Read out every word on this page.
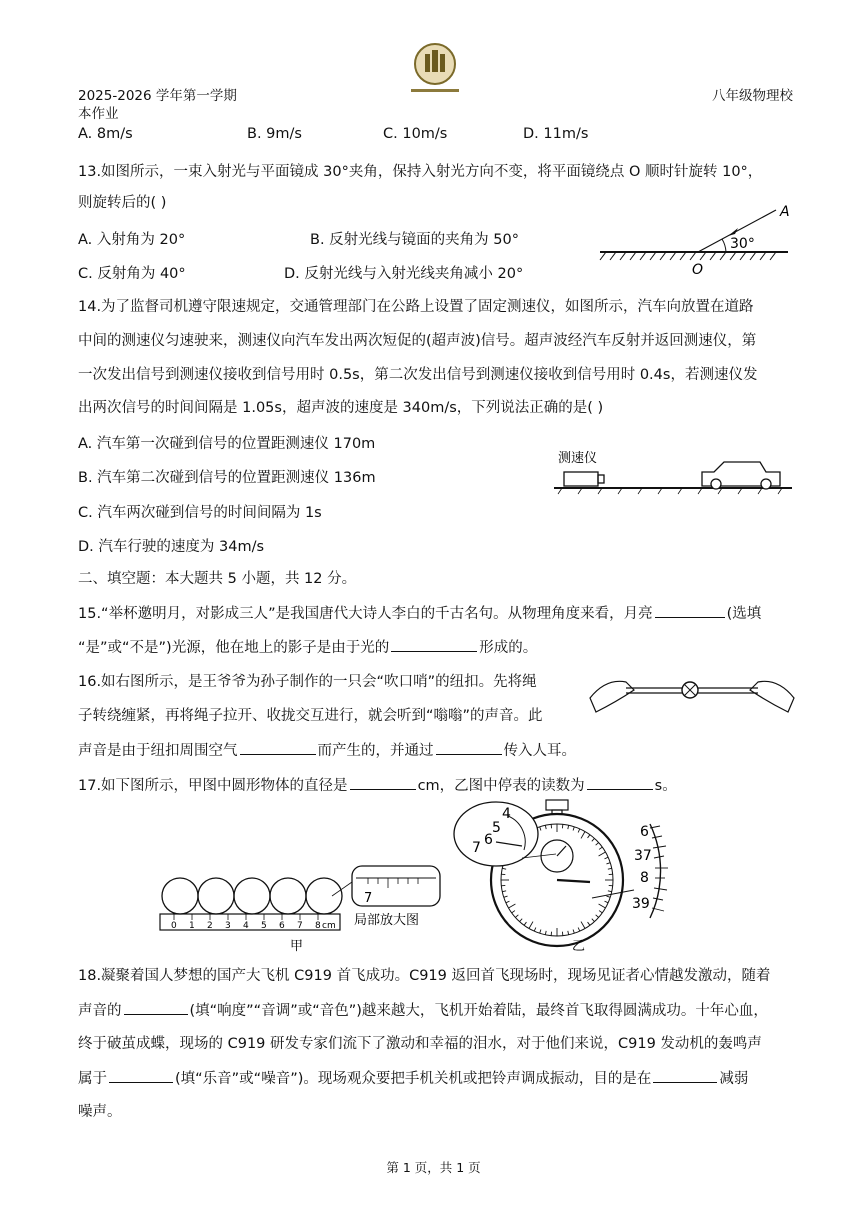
2025-2026 学年第一学期
本作业
八年级物理校
A. 8m/s	B. 9m/s	C. 10m/s	D. 11m/s
13.如图所示，一束入射光与平面镜成 30°夹角，保持入射光方向不变，将平面镜绕点 O 顺时针旋转 10°，
则旋转后的( )
A. 入射角为 20°	B. 反射光线与镜面的夹角为 50°
C. 反射角为 40°	D. 反射光线与入射光线夹角减小 20°
30°
A
O
14.为了监督司机遵守限速规定，交通管理部门在公路上设置了固定测速仪，如图所示，汽车向放置在道路
中间的测速仪匀速驶来，测速仪向汽车发出两次短促的(超声波)信号。超声波经汽车反射并返回测速仪，第
一次发出信号到测速仪接收到信号用时 0.5s，第二次发出信号到测速仪接收到信号用时 0.4s，若测速仪发
出两次信号的时间间隔是 1.05s，超声波的速度是 340m/s，下列说法正确的是( )
A. 汽车第一次碰到信号的位置距测速仪 170m
B. 汽车第二次碰到信号的位置距测速仪 136m
C. 汽车两次碰到信号的时间间隔为 1s
D. 汽车行驶的速度为 34m/s
测速仪
二、填空题：本大题共 5 小题，共 12 分。
15.“举杯邀明月，对影成三人”是我国唐代大诗人李白的千古名句。从物理角度来看，月亮	(选填
“是”或“不是”)光源，他在地上的影子是由于光的	形成的。
16.如右图所示，是王爷爷为孙子制作的一只会“吹口哨”的纽扣。先将绳
子转绕缠紧，再将绳子拉开、收拢交互进行，就会听到“嗡嗡”的声音。此
声音是由于纽扣周围空气	而产生的，并通过	传入人耳。
17.如下图所示，甲图中圆形物体的直径是	cm，乙图中停表的读数为	s。
0 1 2 3 4 5 6 7 8 cm
7
局部放大图
甲
4
5
6
7
6
37
8
39
乙
18.凝聚着国人梦想的国产大飞机 C919 首飞成功。C919 返回首飞现场时，现场见证者心情越发激动，随着
声音的	(填“响度”“音调”或“音色”)越来越大，飞机开始着陆，最终首飞取得圆满成功。十年心血，
终于破茧成蝶，现场的 C919 研发专家们流下了激动和幸福的泪水，对于他们来说，C919 发动机的轰鸣声
属于	(填“乐音”或“噪音”)。现场观众要把手机关机或把铃声调成振动，目的是在	减弱
噪声。
第 1 页，共 1 页
